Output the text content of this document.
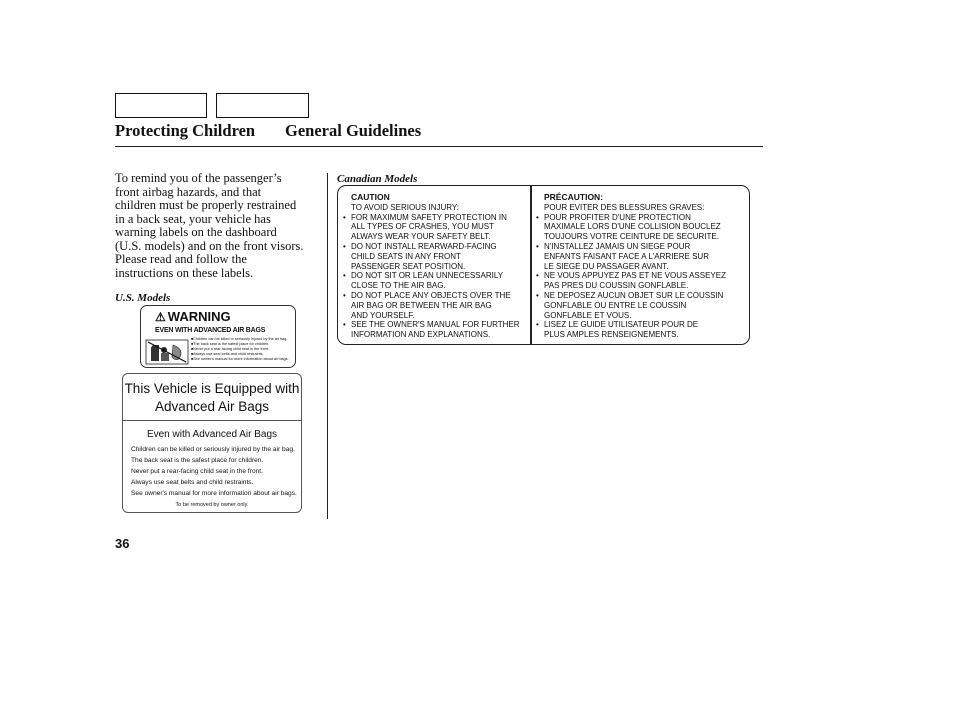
Protecting Children General Guidelines
To remind you of the passenger’s
front airbag hazards, and that
children must be properly restrained
in a back seat, your vehicle has
warning labels on the dashboard
(U.S. models) and on the front visors.
Please read and follow the
instructions on these labels.
U.S. Models
⚠ WARNING
EVEN WITH ADVANCED AIR BAGS
■ Children can be killed or seriously injured by the air bag.
■ The back seat is the safest place for children.
■ Never put a rear-facing child seat in the front.
■ Always use seat belts and child restraints.
■ See owner's manual for more information about air bags.
This Vehicle is Equipped with
Advanced Air Bags
Even with Advanced Air Bags
Children can be killed or seriously injured by the air bag.
The back seat is the safest place for children.
Never put a rear-facing child seat in the front.
Always use seat belts and child restraints.
See owner's manual for more information about air bags.
To be removed by owner only.
Canadian Models
CAUTION
TO AVOID SERIOUS INJURY:
• FOR MAXIMUM SAFETY PROTECTION IN
ALL TYPES OF CRASHES, YOU MUST
ALWAYS WEAR YOUR SAFETY BELT.
• DO NOT INSTALL REARWARD-FACING
CHILD SEATS IN ANY FRONT
PASSENGER SEAT POSITION.
• DO NOT SIT OR LEAN UNNECESSARILY
CLOSE TO THE AIR BAG.
• DO NOT PLACE ANY OBJECTS OVER THE
AIR BAG OR BETWEEN THE AIR BAG
AND YOURSELF.
• SEE THE OWNER'S MANUAL FOR FURTHER
INFORMATION AND EXPLANATIONS.
PRÉCAUTION:
POUR EVITER DES BLESSURES GRAVES:
• POUR PROFITER D'UNE PROTECTION
MAXIMALE LORS D'UNE COLLISION BOUCLEZ
TOUJOURS VOTRE CEINTURE DE SECURITE.
• N'INSTALLEZ JAMAIS UN SIEGE POUR
ENFANTS FAISANT FACE A L'ARRIERE SUR
LE SIEGE DU PASSAGER AVANT.
• NE VOUS APPUYEZ PAS ET NE VOUS ASSEYEZ
PAS PRES DU COUSSIN GONFLABLE.
• NE DEPOSEZ AUCUN OBJET SUR LE COUSSIN
GONFLABLE OU ENTRE LE COUSSIN
GONFLABLE ET VOUS.
• LISEZ LE GUIDE UTILISATEUR POUR DE
PLUS AMPLES RENSEIGNEMENTS.
36
